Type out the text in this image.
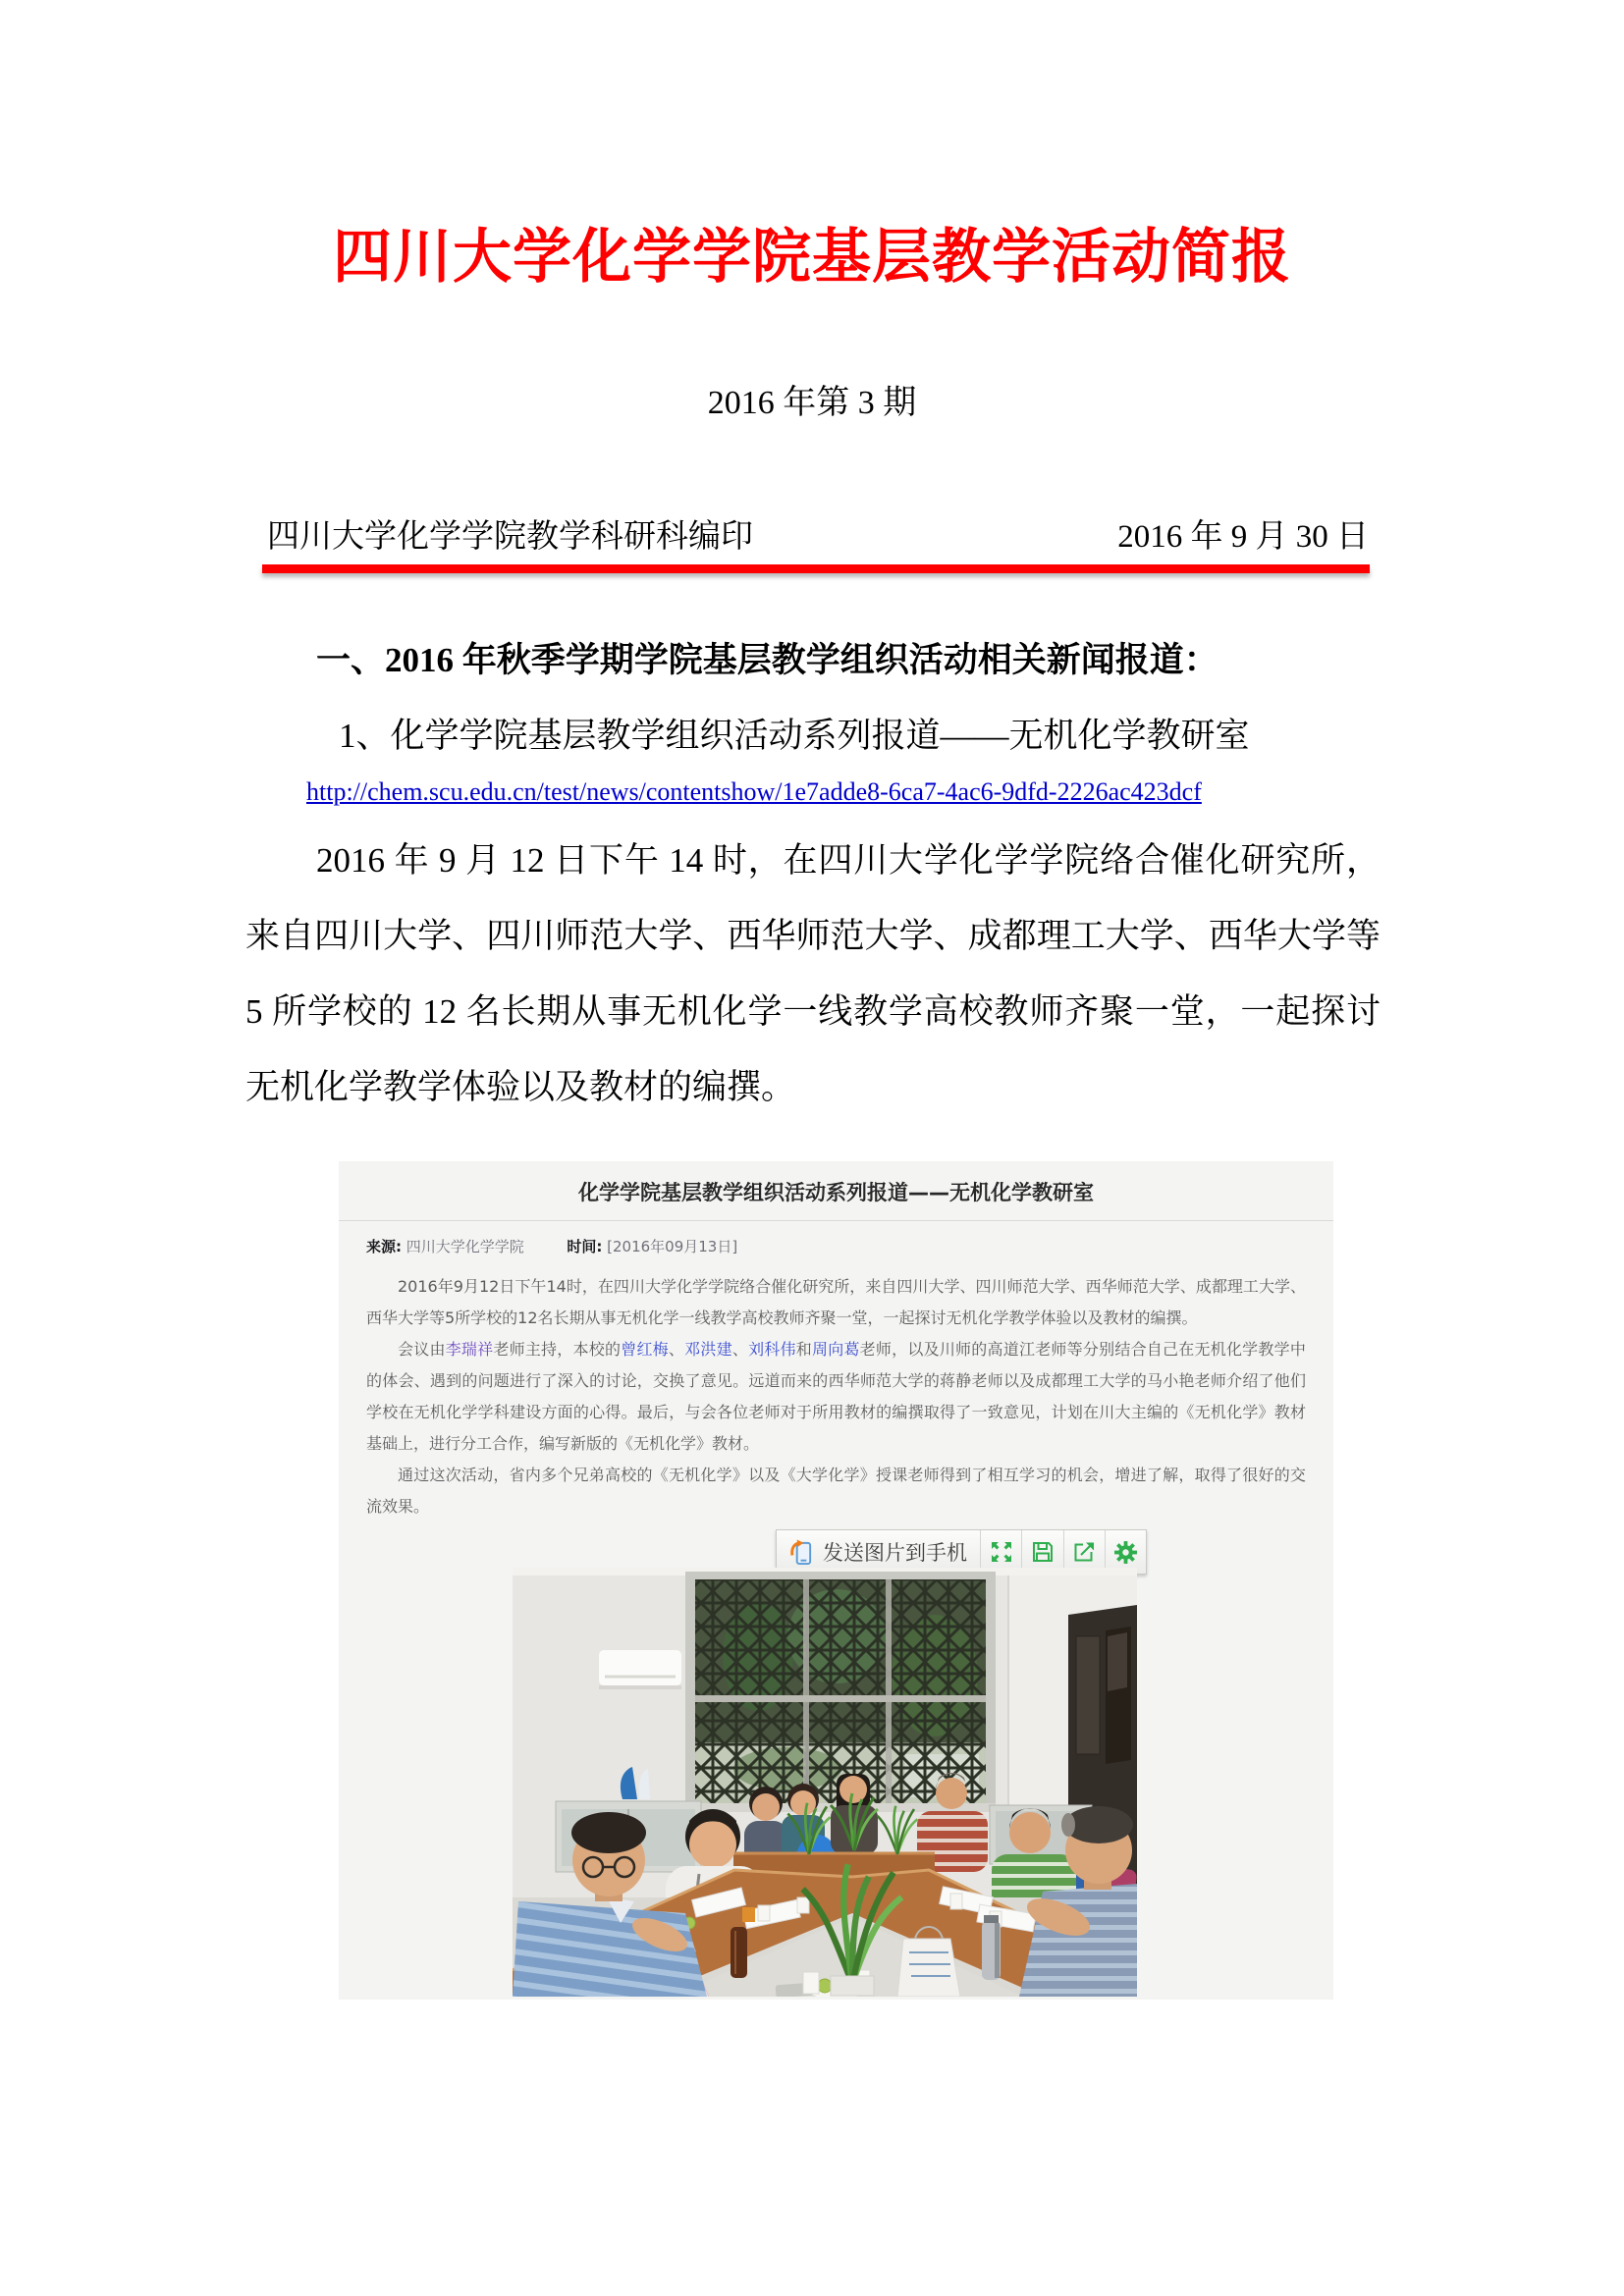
四川大学化学学院基层教学活动简报
2016 年第 3 期
四川大学化学学院教学科研科编印	2016 年 9 月 30 日
一、2016 年秋季学期学院基层教学组织活动相关新闻报道：
1、化学学院基层教学组织活动系列报道——无机化学教研室
http://chem.scu.edu.cn/test/news/contentshow/1e7adde8-6ca7-4ac6-9dfd-2226ac423dcf
2016 年 9 月 12 日下午 14 时，在四川大学化学学院络合催化研究所，来自四川大学、四川师范大学、西华师范大学、成都理工大学、西华大学等 5 所学校的 12 名长期从事无机化学一线教学高校教师齐聚一堂，一起探讨无机化学教学体验以及教材的编撰。
化学学院基层教学组织活动系列报道——无机化学教研室
来源: 四川大学化学学院	时间: [2016年09月13日]

2016年9月12日下午14时，在四川大学化学学院络合催化研究所，来自四川大学、四川师范大学、西华师范大学、成都理工大学、西华大学等5所学校的12名长期从事无机化学一线教学高校教师齐聚一堂，一起探讨无机化学教学体验以及教材的编撰。

会议由李瑞祥老师主持，本校的曾红梅、邓洪建、刘科伟和周向葛老师，以及川师的高道江老师等分别结合自己在无机化学教学中的体会、遇到的问题进行了深入的讨论，交换了意见。远道而来的西华师范大学的蒋静老师以及成都理工大学的马小艳老师介绍了他们学校在无机化学学科建设方面的心得。最后，与会各位老师对于所用教材的编撰取得了一致意见，计划在川大主编的《无机化学》教材基础上，进行分工合作，编写新版的《无机化学》教材。

通过这次活动，省内多个兄弟高校的《无机化学》以及《大学化学》授课老师得到了相互学习的机会，增进了解，取得了很好的交流效果。

发送图片到手机
